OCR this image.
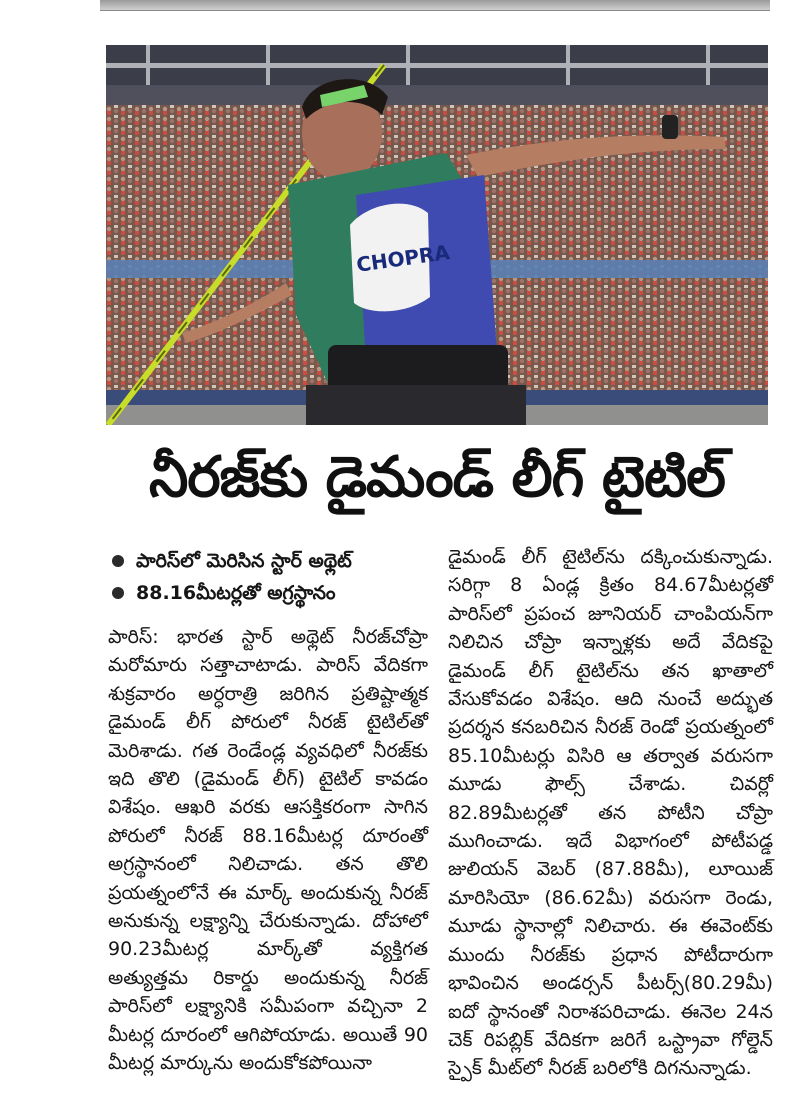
CHOPRA
నీరజ్‌కు డైమండ్ లీగ్ టైటిల్
పారిస్‌లో మెరిసిన స్టార్ అథ్లెట్
88.16మీటర్లతో అగ్రస్థానం

పారిస్: భారత స్టార్ అథ్లెట్ నీరజ్‌చోప్రా మరోమారు సత్తాచాటాడు. పారిస్ వేదికగా శుక్రవారం అర్ధరాత్రి జరిగిన ప్రతిష్టాత్మక డైమండ్ లీగ్ పోరులో నీరజ్ టైటిల్‌తో మెరిశాడు. గత రెండేండ్ల వ్యవధిలో నీరజ్‌కు ఇది తొలి (డైమండ్ లీగ్) టైటిల్ కావడం విశేషం. ఆఖరి వరకు ఆసక్తికరంగా సాగిన పోరులో నీరజ్ 88.16మీటర్ల దూరంతో అగ్రస్థానంలో నిలిచాడు. తన తొలి ప్రయత్నంలోనే ఈ మార్క్ అందుకున్న నీరజ్ అనుకున్న లక్ష్యాన్ని చేరుకున్నాడు. దోహాలో 90.23మీటర్ల మార్క్‌తో వ్యక్తిగత అత్యుత్తమ రికార్డు అందుకున్న నీరజ్ పారిస్‌లో లక్ష్యానికి సమీపంగా వచ్చినా 2 మీటర్ల దూరంలో ఆగిపోయాడు. అయితే 90 మీటర్ల మార్కును అందుకోకపోయినా

డైమండ్ లీగ్ టైటిల్‌ను దక్కించుకున్నాడు. సరిగ్గా 8 ఏండ్ల క్రితం 84.67మీటర్లతో పారిస్‌లో ప్రపంచ జూనియర్ చాంపియన్‌గా నిలిచిన చోప్రా ఇన్నాళ్లకు అదే వేదికపై డైమండ్ లీగ్ టైటిల్‌ను తన ఖాతాలో వేసుకోవడం విశేషం. ఆది నుంచే అద్భుత ప్రదర్శన కనబరిచిన నీరజ్ రెండో ప్రయత్నంలో 85.10మీటర్లు విసిరి ఆ తర్వాత వరుసగా మూడు ఫౌల్స్ చేశాడు. చివర్లో 82.89మీటర్లతో తన పోటీని చోప్రా ముగించాడు. ఇదే విభాగంలో పోటీపడ్డ జులియన్ వెబర్ (87.88మీ), లూయిజ్ మారిసియో (86.62మీ) వరుసగా రెండు, మూడు స్థానాల్లో నిలిచారు. ఈ ఈవెంట్‌కు ముందు నీరజ్‌కు ప్రధాన పోటీదారుగా భావించిన అండర్సన్ పీటర్స్(80.29మీ) ఐదో స్థానంతో నిరాశపరిచాడు. ఈనెల 24న చెక్ రిపబ్లిక్ వేదికగా జరిగే ఒస్ట్రావా గోల్డెన్ స్పైక్ మీట్‌లో నీరజ్ బరిలోకి దిగనున్నాడు.
